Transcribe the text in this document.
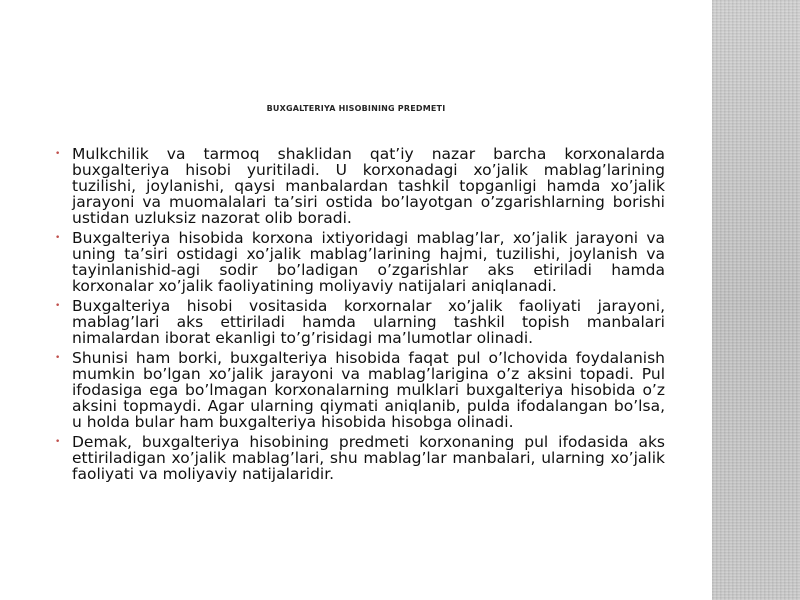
BUXGALTERIYA HISOBINING PREDMETI
• Mulkchilik va tarmoq shaklidan qat’iy nazar barcha korxonalarda buxgalteriya hisobi yuritiladi. U korxonadagi xo’jalik mablag’larining tuzilishi, joylanishi, qaysi manbalardan tashkil topganligi hamda xo’jalik jarayoni va muomalalari ta’siri ostida bo’layotgan o’zgarishlarning borishi ustidan uzluksiz nazorat olib boradi.
• Buxgalteriya hisobida korxona ixtiyoridagi mablag’lar, xo’jalik jarayoni va uning ta’siri ostidagi xo’jalik mablag’larining hajmi, tuzilishi, joylanish va tayinlanishid-agi sodir bo’ladigan o’zgarishlar aks etiriladi hamda korxonalar xo’jalik faoliyatining moliyaviy natijalari aniqlanadi.
• Buxgalteriya hisobi vositasida korxornalar xo’jalik faoliyati jarayoni, mablag’lari aks ettiriladi hamda ularning tashkil topish manbalari nimalardan iborat ekanligi to’g’risidagi ma’lumotlar olinadi.
• Shunisi ham borki, buxgalteriya hisobida faqat pul o’lchovida foydalanish mumkin bo’lgan xo’jalik jarayoni va mablag’larigina o’z aksini topadi. Pul ifodasiga ega bo’lmagan korxonalarning mulklari buxgalteriya hisobida o’z aksini topmaydi. Agar ularning qiymati aniqlanib, pulda ifodalangan bo’lsa, u holda bular ham buxgalteriya hisobida hisobga olinadi.
• Demak, buxgalteriya hisobining predmeti korxonaning pul ifodasida aks ettiriladigan xo’jalik mablag’lari, shu mablag’lar manbalari, ularning xo’jalik faoliyati va moliyaviy natijalaridir.
